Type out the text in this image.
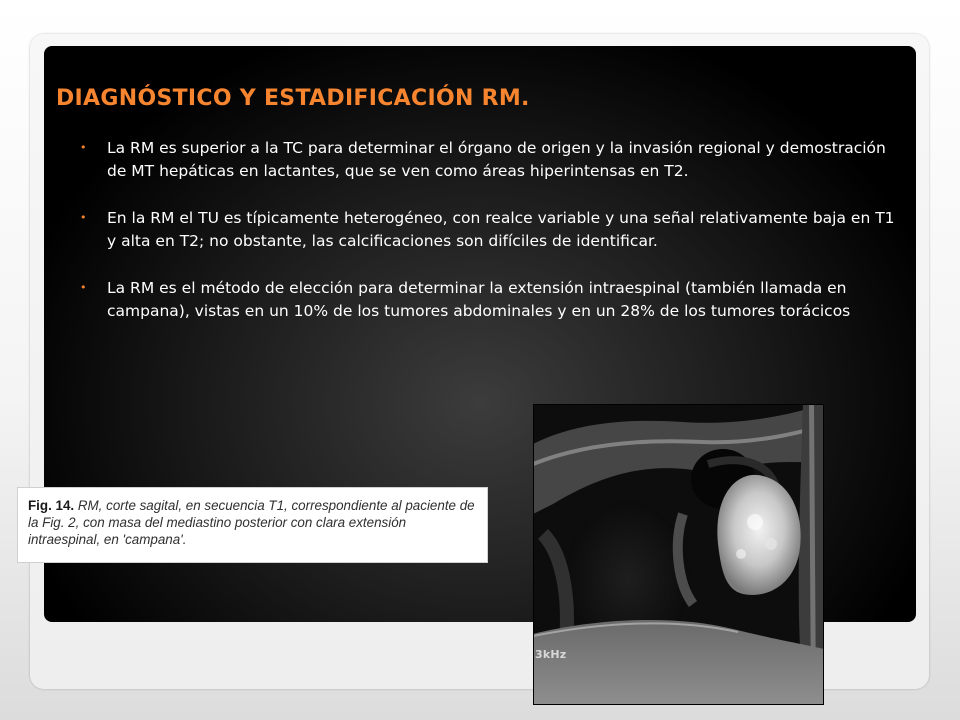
DIAGNÓSTICO Y ESTADIFICACIÓN RM.
• La RM es superior a la TC para determinar el órgano de origen y la invasión regional y demostración de MT hepáticas en lactantes, que se ven como áreas hiperintensas en T2.
• En la RM el TU es típicamente heterogéneo, con realce variable y una señal relativamente baja en T1 y alta en T2; no obstante, las calcificaciones son difíciles de identificar.
• La RM es el método de elección para determinar la extensión intraespinal (también llamada en campana), vistas en un 10% de los tumores abdominales y en un 28% de los tumores torácicos

Fig. 14. RM, corte sagital, en secuencia T1, correspondiente al paciente de la Fig. 2, con masa del mediastino posterior con clara extensión intraespinal, en 'campana'.

3kHz
